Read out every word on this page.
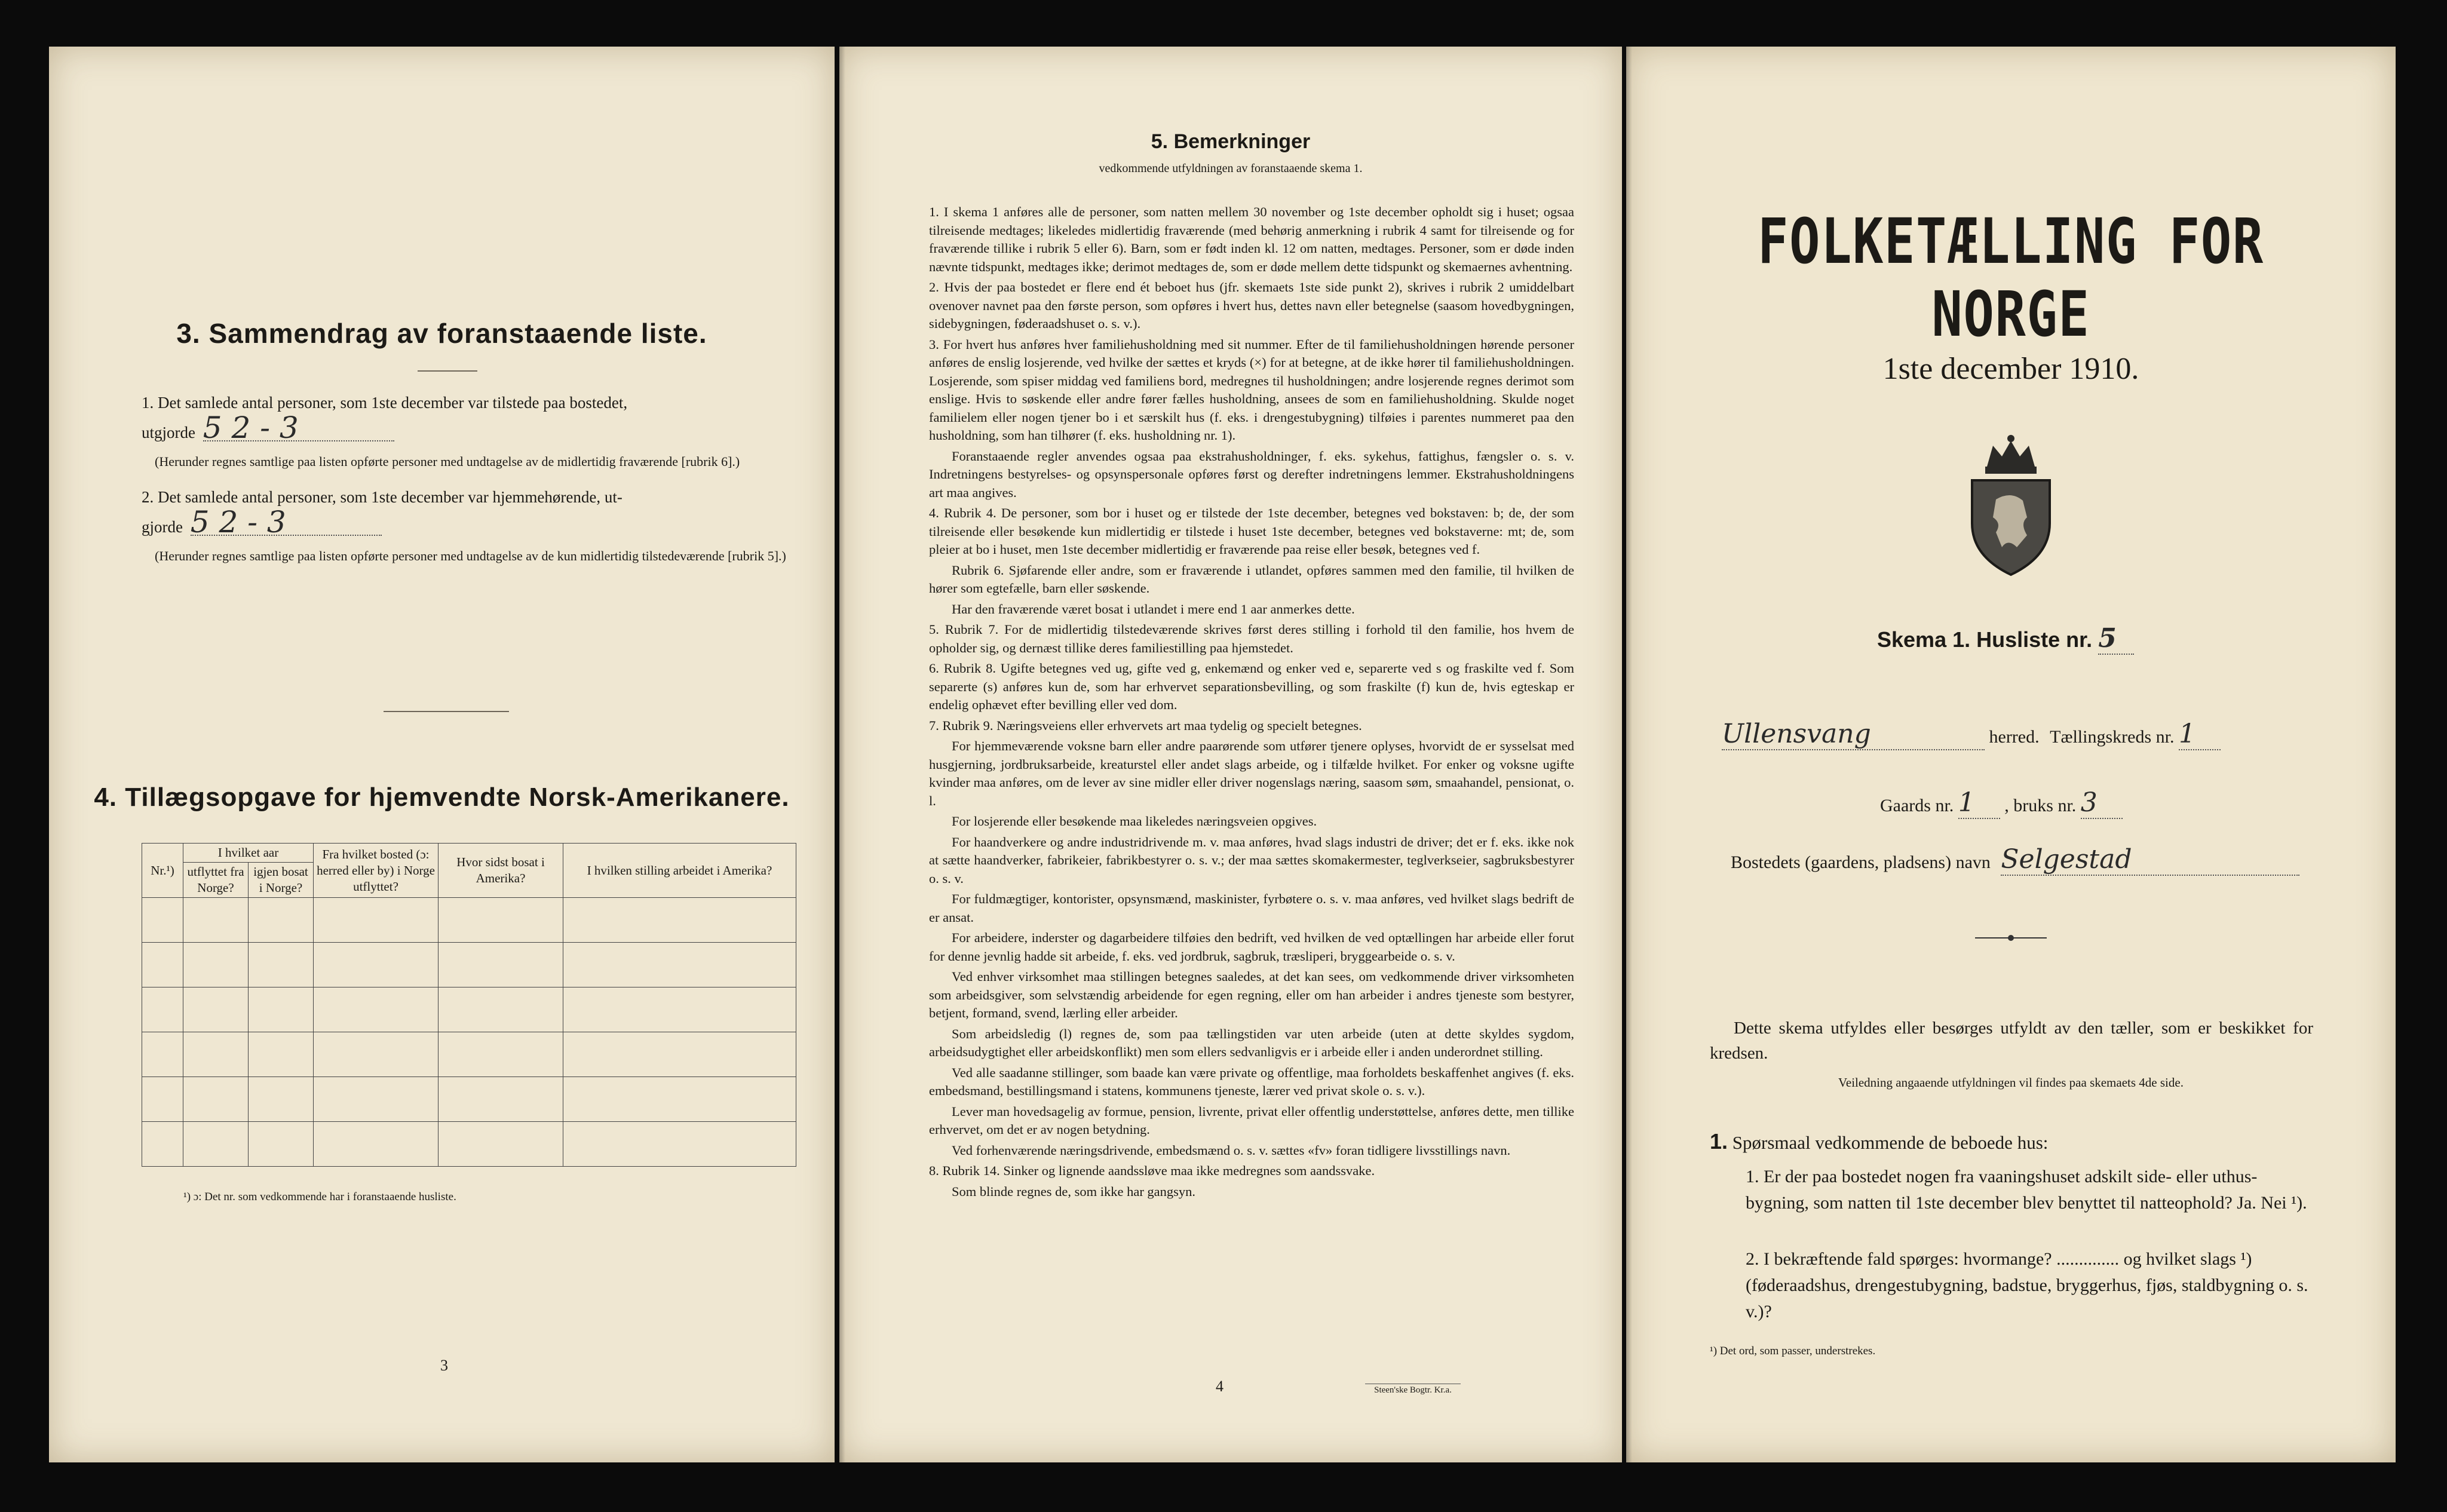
3. Sammendrag av foranstaaende liste.
1. Det samlede antal personer, som 1ste december var tilstede paa bostedet,
utgjorde 5 2 - 3
(Herunder regnes samtlige paa listen opførte personer med undtagelse av de midlertidig fraværende [rubrik 6].)
2. Det samlede antal personer, som 1ste december var hjemmehørende, ut-
gjorde 5 2 - 3
(Herunder regnes samtlige paa listen opførte personer med undtagelse av de kun midlertidig tilstedeværende [rubrik 5].)
4. Tillægsopgave for hjemvendte Norsk-Amerikanere.
Nr.¹)	I hvilket aar		Fra hvilket bosted (ɔ: herred eller by) i Norge utflyttet?	Hvor sidst bosat i Amerika?	I hvilken stilling arbeidet i Amerika?
	utflyttet fra Norge?	igjen bosat i Norge?			

¹) ɔ: Det nr. som vedkommende har i foranstaaende husliste.
3
5. Bemerkninger
vedkommende utfyldningen av foranstaaende skema 1.
1. I skema 1 anføres alle de personer, som natten mellem 30 november og 1ste december opholdt sig i huset; ogsaa tilreisende medtages; likeledes midlertidig fraværende (med behørig anmerkning i rubrik 4 samt for tilreisende og for fraværende tillike i rubrik 5 eller 6). Barn, som er født inden kl. 12 om natten, medtages. Personer, som er døde inden nævnte tidspunkt, medtages ikke; derimot medtages de, som er døde mellem dette tidspunkt og skemaernes avhentning.
2. Hvis der paa bostedet er flere end ét beboet hus (jfr. skemaets 1ste side punkt 2), skrives i rubrik 2 umiddelbart ovenover navnet paa den første person, som opføres i hvert hus, dettes navn eller betegnelse (saasom hovedbygningen, sidebygningen, føderaadshuset o. s. v.).
3. For hvert hus anføres hver familiehusholdning med sit nummer. Efter de til familiehusholdningen hørende personer anføres de enslig losjerende, ved hvilke der sættes et kryds (×) for at betegne, at de ikke hører til familiehusholdningen. Losjerende, som spiser middag ved familiens bord, medregnes til husholdningen; andre losjerende regnes derimot som enslige. Hvis to søskende eller andre fører fælles husholdning, ansees de som en familiehusholdning. Skulde noget familielem eller nogen tjener bo i et særskilt hus (f. eks. i drengestubygning) tilføies i parentes nummeret paa den husholdning, som han tilhører (f. eks. husholdning nr. 1).
Foranstaaende regler anvendes ogsaa paa ekstrahusholdninger, f. eks. sykehus, fattighus, fængsler o. s. v. Indretningens bestyrelses- og opsynspersonale opføres først og derefter indretningens lemmer. Ekstrahusholdningens art maa angives.
4. Rubrik 4. De personer, som bor i huset og er tilstede der 1ste december, betegnes ved bokstaven: b; de, der som tilreisende eller besøkende kun midlertidig er tilstede i huset 1ste december, betegnes ved bokstaverne: mt; de, som pleier at bo i huset, men 1ste december midlertidig er fraværende paa reise eller besøk, betegnes ved f.
Rubrik 6. Sjøfarende eller andre, som er fraværende i utlandet, opføres sammen med den familie, til hvilken de hører som egtefælle, barn eller søskende.
Har den fraværende været bosat i utlandet i mere end 1 aar anmerkes dette.
5. Rubrik 7. For de midlertidig tilstedeværende skrives først deres stilling i forhold til den familie, hos hvem de opholder sig, og dernæst tillike deres familiestilling paa hjemstedet.
6. Rubrik 8. Ugifte betegnes ved ug, gifte ved g, enkemænd og enker ved e, separerte ved s og fraskilte ved f. Som separerte (s) anføres kun de, som har erhvervet separationsbevilling, og som fraskilte (f) kun de, hvis egteskap er endelig ophævet efter bevilling eller ved dom.
7. Rubrik 9. Næringsveiens eller erhvervets art maa tydelig og specielt betegnes.
For hjemmeværende voksne barn eller andre paarørende som utfører tjenere oplyses, hvorvidt de er sysselsat med husgjerning, jordbruksarbeide, kreaturstel eller andet slags arbeide, og i tilfælde hvilket. For enker og voksne ugifte kvinder maa anføres, om de lever av sine midler eller driver nogenslags næring, saasom søm, smaahandel, pensionat, o. l.
For losjerende eller besøkende maa likeledes næringsveien opgives.
For haandverkere og andre industridrivende m. v. maa anføres, hvad slags industri de driver; det er f. eks. ikke nok at sætte haandverker, fabrikeier, fabrikbestyrer o. s. v.; der maa sættes skomakermester, teglverkseier, sagbruksbestyrer o. s. v.
For fuldmægtiger, kontorister, opsynsmænd, maskinister, fyrbøtere o. s. v. maa anføres, ved hvilket slags bedrift de er ansat.
For arbeidere, inderster og dagarbeidere tilføies den bedrift, ved hvilken de ved optællingen har arbeide eller forut for denne jevnlig hadde sit arbeide, f. eks. ved jordbruk, sagbruk, træsliperi, bryggearbeide o. s. v.
Ved enhver virksomhet maa stillingen betegnes saaledes, at det kan sees, om vedkommende driver virksomheten som arbeidsgiver, som selvstændig arbeidende for egen regning, eller om han arbeider i andres tjeneste som bestyrer, betjent, formand, svend, lærling eller arbeider.
Som arbeidsledig (l) regnes de, som paa tællingstiden var uten arbeide (uten at dette skyldes sygdom, arbeidsudygtighet eller arbeidskonflikt) men som ellers sedvanligvis er i arbeide eller i anden underordnet stilling.
Ved alle saadanne stillinger, som baade kan være private og offentlige, maa forholdets beskaffenhet angives (f. eks. embedsmand, bestillingsmand i statens, kommunens tjeneste, lærer ved privat skole o. s. v.).
Lever man hovedsagelig av formue, pension, livrente, privat eller offentlig understøttelse, anføres dette, men tillike erhvervet, om det er av nogen betydning.
Ved forhenværende næringsdrivende, embedsmænd o. s. v. sættes «fv» foran tidligere livsstillings navn.
8. Rubrik 14. Sinker og lignende aandssløve maa ikke medregnes som aandssvake.
Som blinde regnes de, som ikke har gangsyn.
4	Steen'ske Bogtr. Kr.a.
FOLKETÆLLING FOR NORGE
1ste december 1910.
Skema 1. Husliste nr. 5
Ullensvang	herred. Tællingskreds nr. 1
Gaards nr. 1 , bruks nr. 3
Bostedets (gaardens, pladsens) navn Selgestad
Dette skema utfyldes eller besørges utfyldt av den tæller, som er beskikket for kredsen.
Veiledning angaaende utfyldningen vil findes paa skemaets 4de side.
1. Spørsmaal vedkommende de beboede hus:
1. Er der paa bostedet nogen fra vaaningshuset adskilt side- eller uthus-bygning, som natten til 1ste december blev benyttet til natteophold? Ja. Nei ¹).
2. I bekræftende fald spørges: hvormange? .............. og hvilket slags ¹) (føderaadshus, drengestubygning, badstue, bryggerhus, fjøs, staldbygning o. s. v.)?
¹) Det ord, som passer, understrekes.
